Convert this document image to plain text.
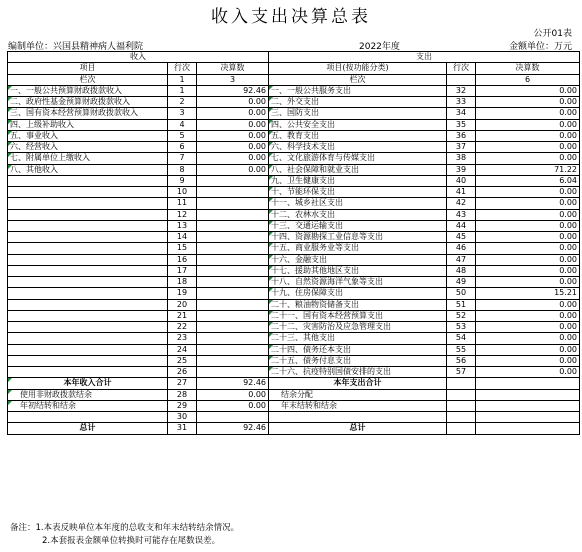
收入支出决算总表
公开01表
编制单位：兴国县精神病人福利院	2022年度	金额单位：万元
收入			支出		
项目	行次	决算数	项目(按功能分类)	行次	决算数
栏次	1	3	栏次		6
一、一般公共预算财政拨款收入	1	92.46	一、一般公共服务支出	32	0.00
二、政府性基金预算财政拨款收入	2	0.00	二、外交支出	33	0.00
三、国有资本经营预算财政拨款收入	3	0.00	三、国防支出	34	0.00
四、上级补助收入	4	0.00	四、公共安全支出	35	0.00
五、事业收入	5	0.00	五、教育支出	36	0.00
六、经营收入	6	0.00	六、科学技术支出	37	0.00
七、附属单位上缴收入	7	0.00	七、文化旅游体育与传媒支出	38	0.00
八、其他收入	8	0.00	八、社会保障和就业支出	39	71.22
	9		九、卫生健康支出	40	6.04
	10		十、节能环保支出	41	0.00
	11		十一、城乡社区支出	42	0.00
	12		十二、农林水支出	43	0.00
	13		十三、交通运输支出	44	0.00
	14		十四、资源勘探工业信息等支出	45	0.00
	15		十五、商业服务业等支出	46	0.00
	16		十六、金融支出	47	0.00
	17		十七、援助其他地区支出	48	0.00
	18		十八、自然资源海洋气象等支出	49	0.00
	19		十九、住房保障支出	50	15.21
	20		二十、粮油物资储备支出	51	0.00
	21		二十一、国有资本经营预算支出	52	0.00
	22		二十二、灾害防治及应急管理支出	53	0.00
	23		二十三、其他支出	54	0.00
	24		二十四、债务还本支出	55	0.00
	25		二十五、债务付息支出	56	0.00
	26		二十六、抗疫特别国债安排的支出	57	0.00
本年收入合计	27	92.46	本年支出合计		
使用非财政拨款结余	28	0.00	结余分配		
年初结转和结余	29	0.00	年末结转和结余		
	30				
总计	31	92.46	总计		
备注：1.本表反映单位本年度的总收支和年末结转结余情况。
2.本套报表金额单位转换时可能存在尾数误差。
